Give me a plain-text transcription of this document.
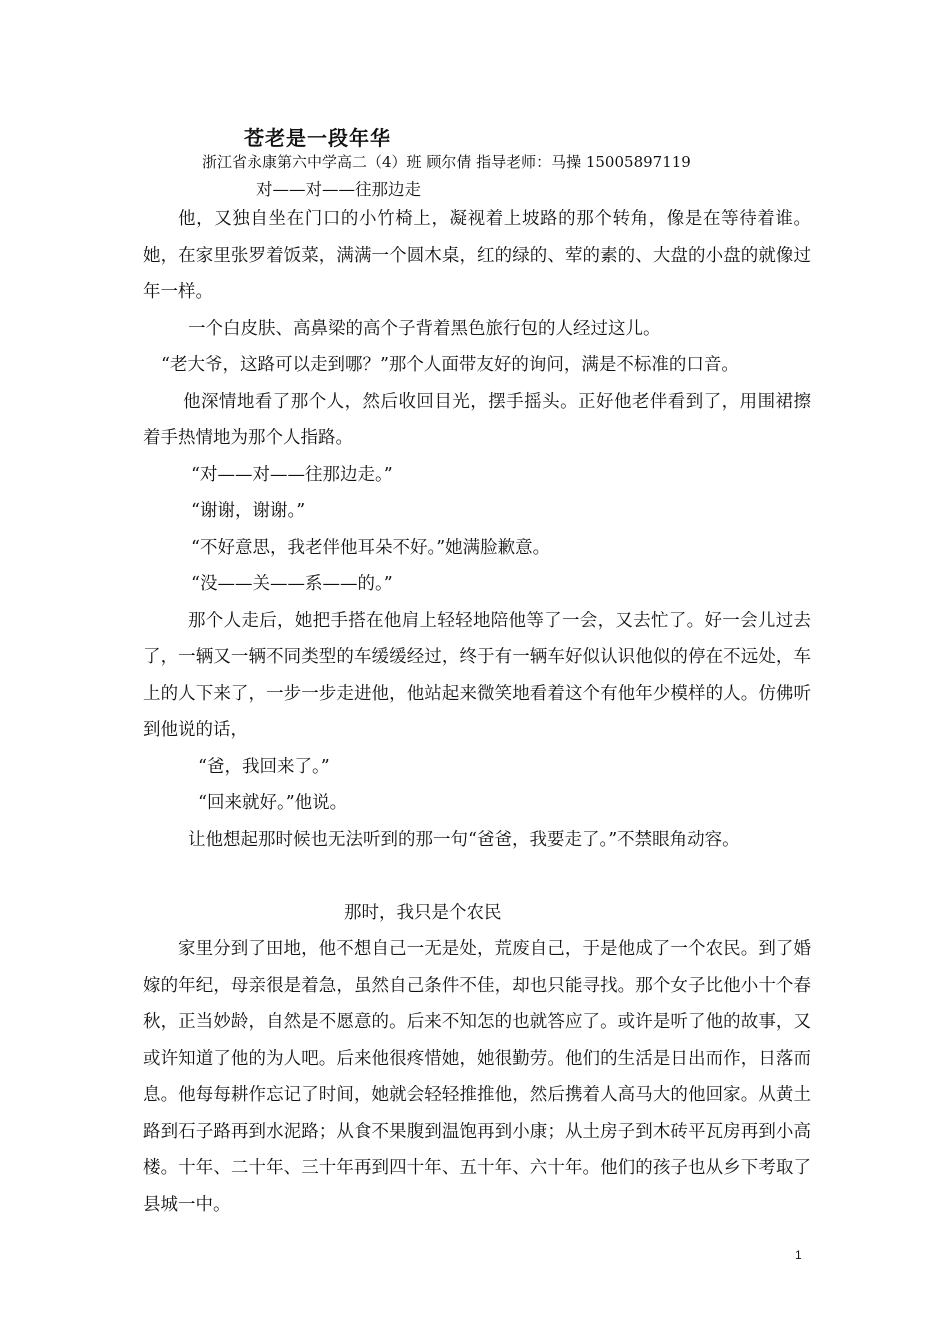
苍老是一段年华
浙江省永康第六中学高二（4）班 顾尔倩 指导老师：马操 15005897119
对——对——往那边走

他，又独自坐在门口的小竹椅上，凝视着上坡路的那个转角，像是在等待着谁。她，在家里张罗着饭菜，满满一个圆木桌，红的绿的、荤的素的、大盘的小盘的就像过年一样。

一个白皮肤、高鼻梁的高个子背着黑色旅行包的人经过这儿。

“老大爷，这路可以走到哪？”那个人面带友好的询问，满是不标准的口音。

他深情地看了那个人，然后收回目光，摆手摇头。正好他老伴看到了，用围裙擦着手热情地为那个人指路。

“对——对——往那边走。”

“谢谢，谢谢。”

“不好意思，我老伴他耳朵不好。”她满脸歉意。

“没——关——系——的。”

那个人走后，她把手搭在他肩上轻轻地陪他等了一会，又去忙了。好一会儿过去了，一辆又一辆不同类型的车缓缓经过，终于有一辆车好似认识他似的停在不远处，车上的人下来了，一步一步走进他，他站起来微笑地看着这个有他年少模样的人。仿佛听到他说的话，

“爸，我回来了。”

“回来就好。”他说。

让他想起那时候也无法听到的那一句“爸爸，我要走了。”不禁眼角动容。

那时，我只是个农民

家里分到了田地，他不想自己一无是处，荒废自己，于是他成了一个农民。到了婚嫁的年纪，母亲很是着急，虽然自己条件不佳，却也只能寻找。那个女子比他小十个春秋，正当妙龄，自然是不愿意的。后来不知怎的也就答应了。或许是听了他的故事，又或许知道了他的为人吧。后来他很疼惜她，她很勤劳。他们的生活是日出而作，日落而息。他每每耕作忘记了时间，她就会轻轻推推他，然后携着人高马大的他回家。从黄土路到石子路再到水泥路；从食不果腹到温饱再到小康；从土房子到木砖平瓦房再到小高楼。十年、二十年、三十年再到四十年、五十年、六十年。他们的孩子也从乡下考取了县城一中。

1
